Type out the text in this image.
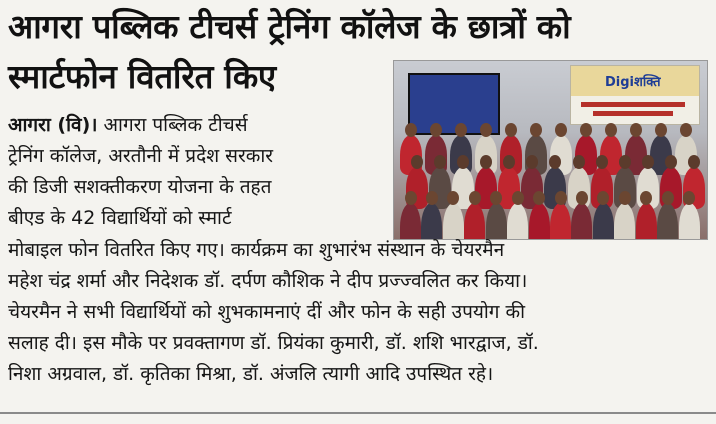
आगरा पब्लिक टीचर्स ट्रेनिंग कॉलेज के छात्रों को
स्मार्टफोन वितरित किए	Digiशक्ति
आगरा (वि)। आगरा पब्लिक टीचर्स
ट्रेनिंग कॉलेज, अरतौनी में प्रदेश सरकार
की डिजी सशक्तीकरण योजना के तहत
बीएड के 42 विद्यार्थियों को स्मार्ट
मोबाइल फोन वितरित किए गए। कार्यक्रम का शुभारंभ संस्थान के चेयरमैन
महेश चंद्र शर्मा और निदेशक डॉ. दर्पण कौशिक ने दीप प्रज्ज्वलित कर किया।
चेयरमैन ने सभी विद्यार्थियों को शुभकामनाएं दीं और फोन के सही उपयोग की
सलाह दी। इस मौके पर प्रवक्तागण डॉ. प्रियंका कुमारी, डॉ. शशि भारद्वाज, डॉ.
निशा अग्रवाल, डॉ. कृतिका मिश्रा, डॉ. अंजलि त्यागी आदि उपस्थित रहे।
